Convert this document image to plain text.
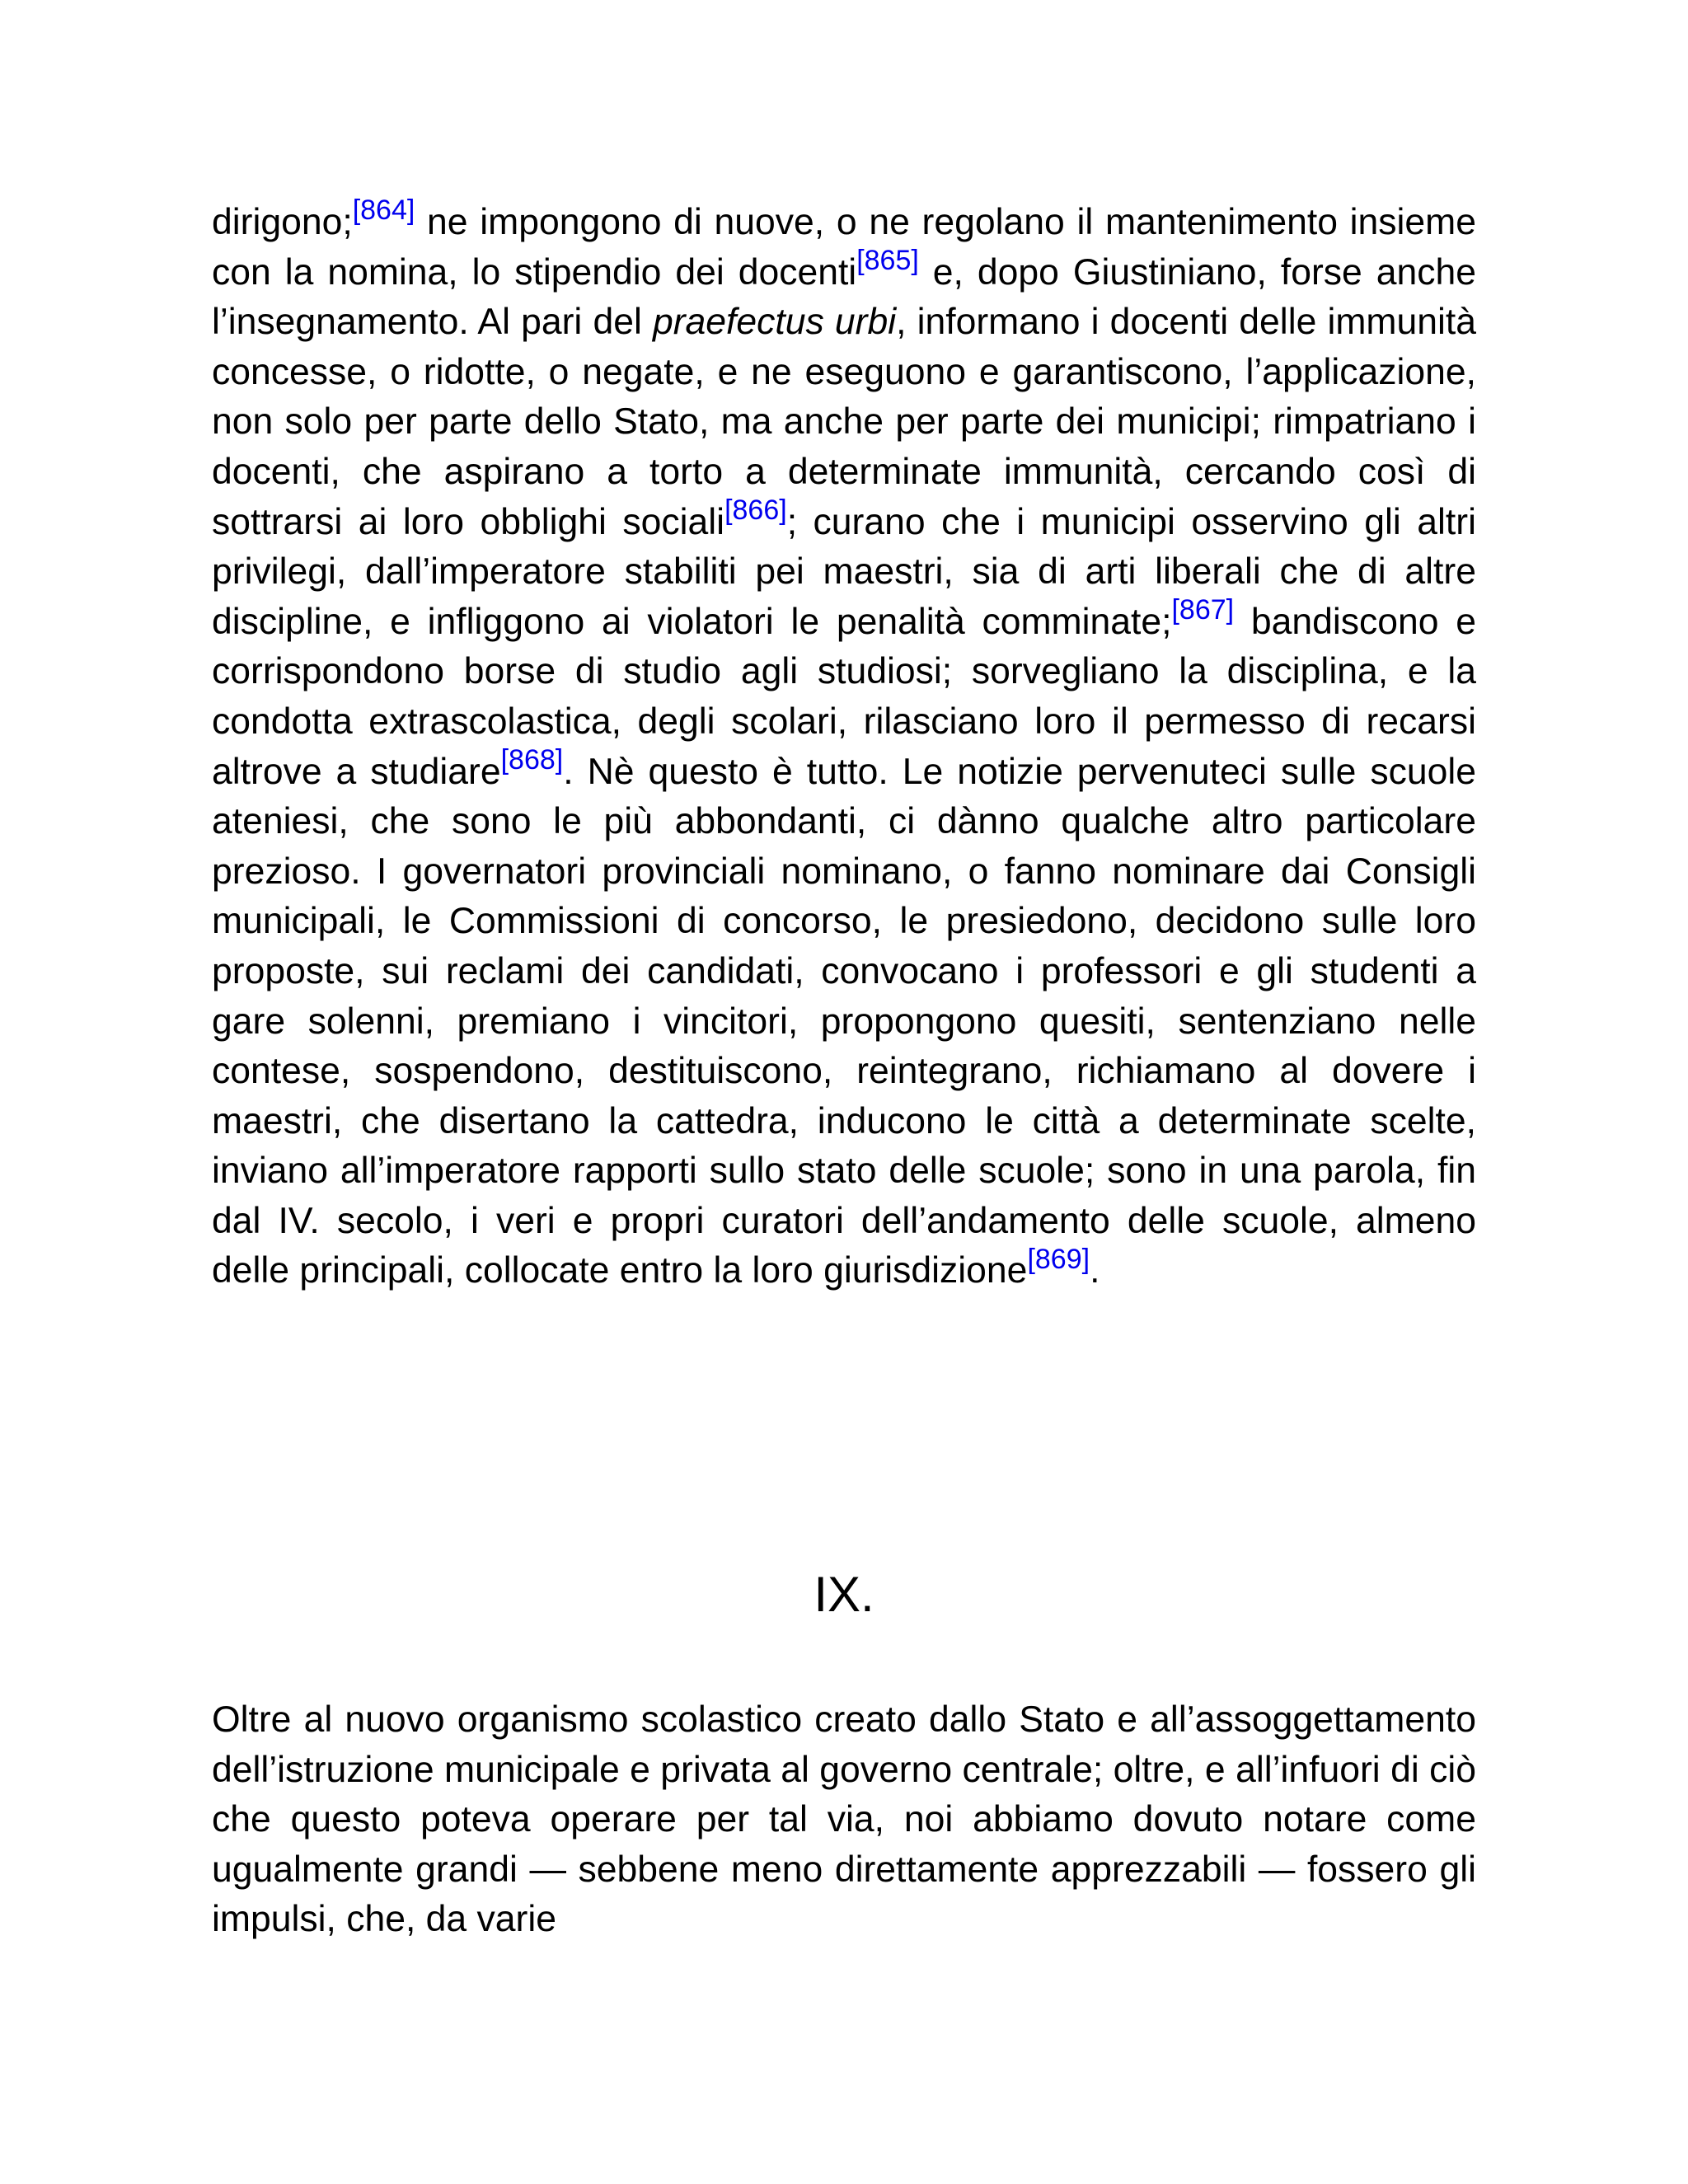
dirigono;[864] ne impongono di nuove, o ne regolano il mantenimento insieme con la nomina, lo stipendio dei docenti[865] e, dopo Giustiniano, forse anche l’insegnamento. Al pari del praefectus urbi, informano i docenti delle immunità concesse, o ridotte, o negate, e ne eseguono e garantiscono, l’applicazione, non solo per parte dello Stato, ma anche per parte dei municipi; rimpatriano i docenti, che aspirano a torto a determinate immunità, cercando così di sottrarsi ai loro obblighi sociali[866]; curano che i municipi osservino gli altri privilegi, dall’imperatore stabiliti pei maestri, sia di arti liberali che di altre discipline, e infliggono ai violatori le penalità comminate;[867] bandiscono e corrispondono borse di studio agli studiosi; sorvegliano la disciplina, e la condotta extrascolastica, degli scolari, rilasciano loro il permesso di recarsi altrove a studiare[868]. Nè questo è tutto. Le notizie pervenuteci sulle scuole ateniesi, che sono le più abbondanti, ci dànno qualche altro particolare prezioso. I governatori provinciali nominano, o fanno nominare dai Consigli municipali, le Commissioni di concorso, le presiedono, decidono sulle loro proposte, sui reclami dei candidati, convocano i professori e gli studenti a gare solenni, premiano i vincitori, propongono quesiti, sentenziano nelle contese, sospendono, destituiscono, reintegrano, richiamano al dovere i maestri, che disertano la cattedra, inducono le città a determinate scelte, inviano all’imperatore rapporti sullo stato delle scuole; sono in una parola, fin dal IV. secolo, i veri e propri curatori dell’andamento delle scuole, almeno delle principali, collocate entro la loro giurisdizione[869].

IX.

Oltre al nuovo organismo scolastico creato dallo Stato e all’assoggettamento dell’istruzione municipale e privata al governo centrale; oltre, e all’infuori di ciò che questo poteva operare per tal via, noi abbiamo dovuto notare come ugualmente grandi — sebbene meno direttamente apprezzabili — fossero gli impulsi, che, da varie
